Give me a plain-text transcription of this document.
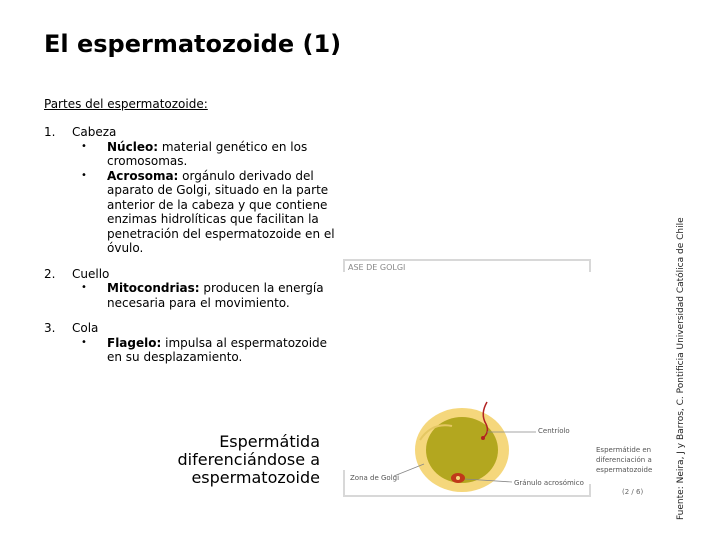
El espermatozoide (1)
Partes del espermatozoide:
1. Cabeza
• Núcleo: material genético en los cromosomas.
• Acrosoma: orgánulo derivado del aparato de Golgi, situado en la parte anterior de la cabeza y que contiene enzimas hidrolíticas que facilitan la penetración del espermatozoide en el óvulo.
2. Cuello
• Mitocondrias: producen la energía necesaria para el movimiento.
3. Cola
• Flagelo: impulsa al espermatozoide en su desplazamiento.
Espermátida diferenciándose a espermatozoide
ASE DE GOLGI
Centríolo
Zona de Golgi
Gránulo acrosómico
Espermátide en diferenciación a espermatozoide
(2 / 6)	Fuente: Neira, J y Barros, C. Pontificia Universidad Católica de Chile
